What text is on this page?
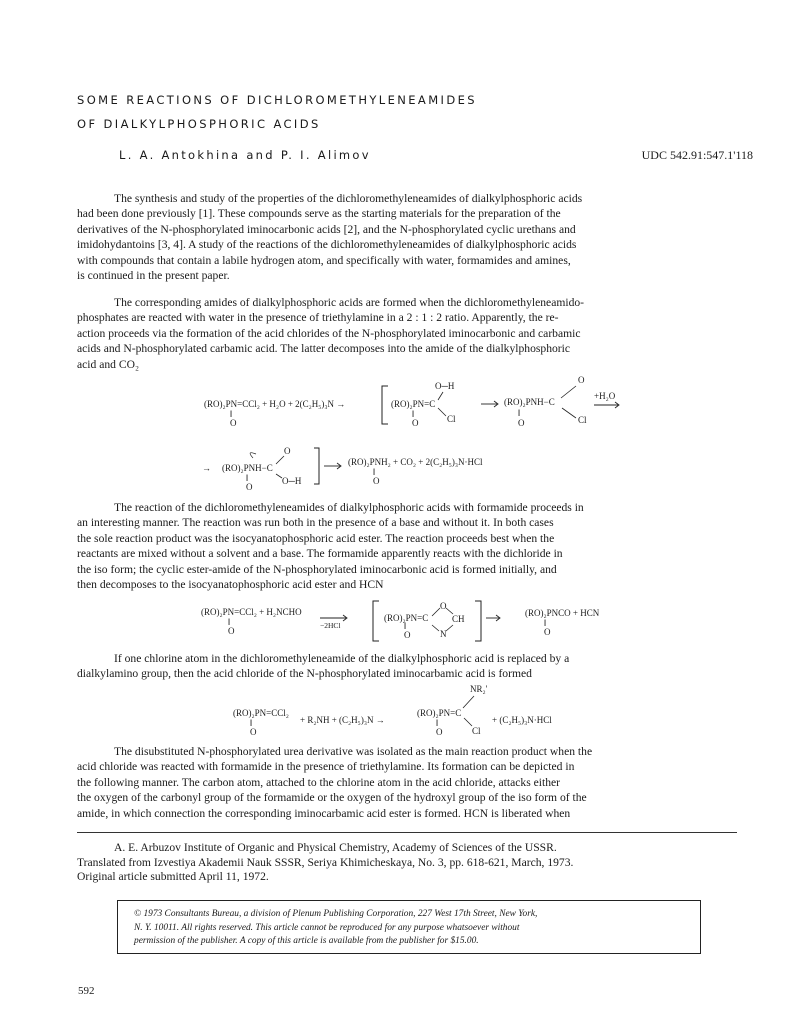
SOME REACTIONS OF DICHLOROMETHYLENEAMIDES
OF DIALKYLPHOSPHORIC ACIDS
L. A. Antokhina and P. I. Alimov	UDC 542.91:547.1'118

The synthesis and study of the properties of the dichloromethyleneamides of dialkylphosphoric acids
had been done previously [1]. These compounds serve as the starting materials for the preparation of the
derivatives of the N-phosphorylated iminocarbonic acids [2], and the N-phosphorylated cyclic urethans and
imidohydantoins [3, 4]. A study of the reactions of the dichloromethyleneamides of dialkylphosphoric acids
with compounds that contain a labile hydrogen atom, and specifically with water, formamides and amines,
is continued in the present paper.

The corresponding amides of dialkylphosphoric acids are formed when the dichloromethyleneamido-
phosphates are reacted with water in the presence of triethylamine in a 2 : 1 : 2 ratio. Apparently, the re-
action proceeds via the formation of the acid chlorides of the N-phosphorylated iminocarbonic and carbamic
acids and N-phosphorylated carbamic acid. The latter decomposes into the amide of the dialkylphosphoric
acid and CO₂

(RO)₂PN=CCl₂ + H₂O + 2(C₂H₅)₃N →
‖
O
(RO)₂PN=C
O─H
Cl
‖
O
(RO)₂PNH−C
O
Cl
‖
O
+H₂O
→ (RO)₂PNH−C
O
O─H
‖
O
(RO)₂PNH₂ + CO₂ + 2(C₂H₅)₃N·HCl
‖
O

The reaction of the dichloromethyleneamides of dialkylphosphoric acids with formamide proceeds in
an interesting manner. The reaction was run both in the presence of a base and without it. In both cases
the sole reaction product was the isocyanatophosphoric acid ester. The reaction proceeds best when the
reactants are mixed without a solvent and a base. The formamide apparently reacts with the dichloride in
the iso form; the cyclic ester-amide of the N-phosphorylated iminocarbonic acid is formed initially, and
then decomposes to the isocyanatophosphoric acid ester and HCN

(RO)₂PN=CCl₂ + H₂NCHO
‖
O
−2HCl
(RO)₂PN=C
O
CH
N
‖
O
(RO)₂PNCO + HCN
‖
O

If one chlorine atom in the dichloromethyleneamide of the dialkylphosphoric acid is replaced by a
dialkylamino group, then the acid chloride of the N-phosphorylated iminocarbamic acid is formed

(RO)₂PN=CCl₂
‖
O
+ R₂NH + (C₂H₅)₃N →
(RO)₂PN=C
NR₂'
Cl
‖
O
+ (C₂H₅)₃N·HCl

The disubstituted N-phosphorylated urea derivative was isolated as the main reaction product when the
acid chloride was reacted with formamide in the presence of triethylamine. Its formation can be depicted in
the following manner. The carbon atom, attached to the chlorine atom in the acid chloride, attacks either
the oxygen of the carbonyl group of the formamide or the oxygen of the hydroxyl group of the iso form of the
amide, in which connection the corresponding iminocarbamic acid ester is formed. HCN is liberated when

A. E. Arbuzov Institute of Organic and Physical Chemistry, Academy of Sciences of the USSR.
Translated from Izvestiya Akademii Nauk SSSR, Seriya Khimicheskaya, No. 3, pp. 618-621, March, 1973.
Original article submitted April 11, 1972.

© 1973 Consultants Bureau, a division of Plenum Publishing Corporation, 227 West 17th Street, New York,
N. Y. 10011. All rights reserved. This article cannot be reproduced for any purpose whatsoever without
permission of the publisher. A copy of this article is available from the publisher for $15.00.
592
